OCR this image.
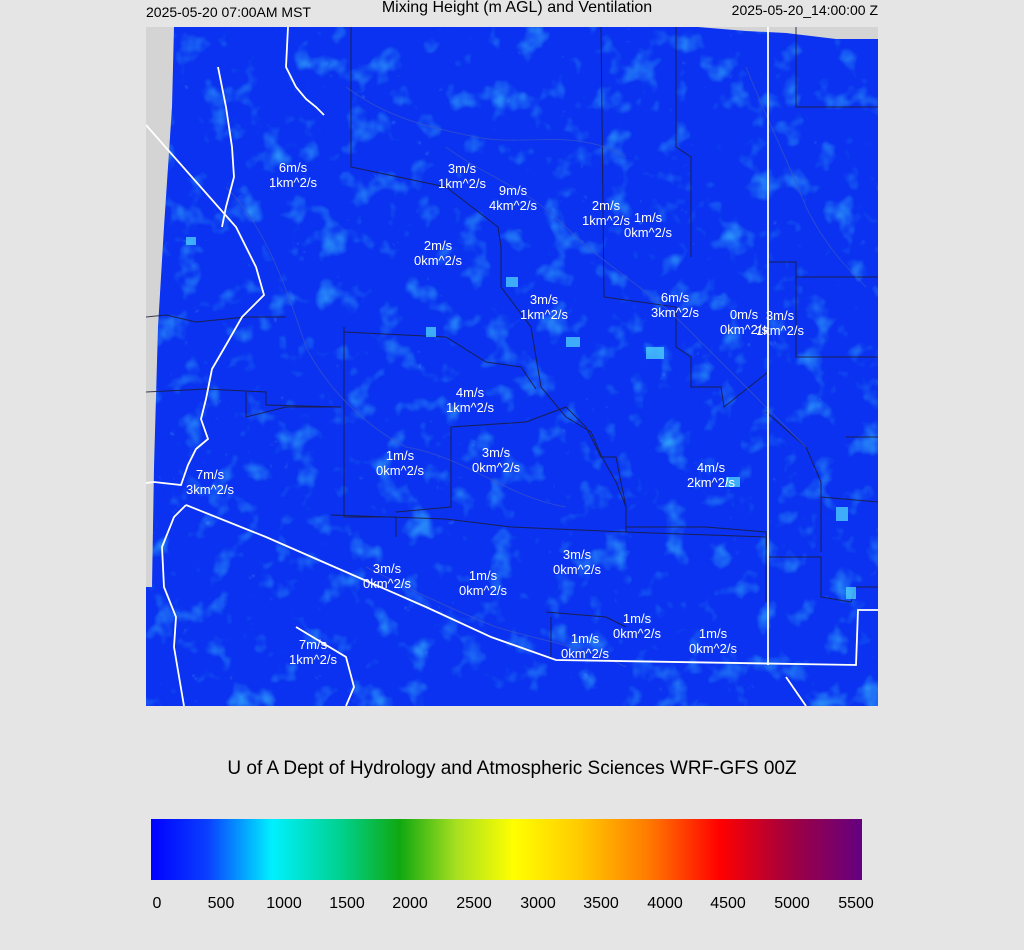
2025-05-20 07:00AM MST	Mixing Height (m AGL) and Ventilation	2025-05-20_14:00:00 Z
6m/s
1km^2/s
3m/s
1km^2/s 9m/s
4km^2/s	2m/s
1km^2/s 1m/s
0km^2/s
2m/s
0km^2/s
3m/s
1km^2/s
6m/s
3km^2/s	0m/s
0km^2/s
3m/s
1km^2/s
4m/s
1km^2/s
1m/s
0km^2/s
3m/s
0km^2/s	4m/s
2km^2/s
7m/s
3km^2/s
3m/s
0km^2/s
1m/s
0km^2/s
3m/s
0km^2/s
1m/s
0km^2/s
1m/s
0km^2/s
1m/s
0km^2/s
7m/s
1km^2/s
U of A Dept of Hydrology and Atmospheric Sciences WRF-GFS 00Z
0	500 1000 1500 2000 2500 3000 3500 4000 4500 5000 5500
